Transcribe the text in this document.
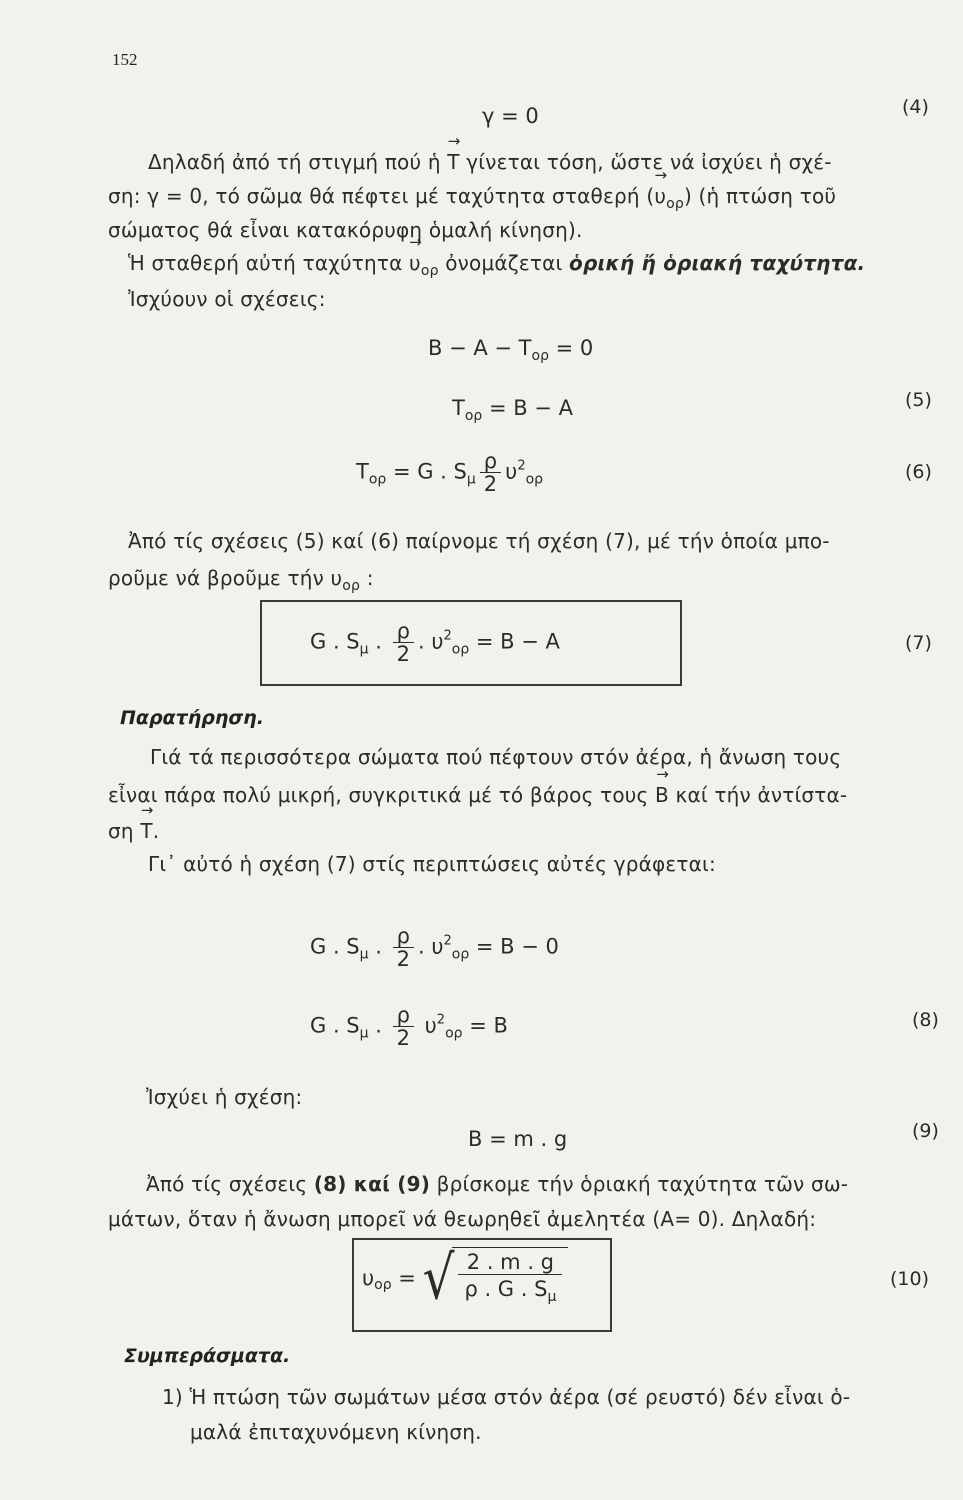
152
γ = 0	(4)
Δηλαδή ἀπό τή στιγμή πού ἡ → T γίνεται τόση, ὥστε νά ἰσχύει ἡ σχέ-
ση: γ = 0, τό σῶμα θά πέφτει μέ ταχύτητα σταθερή (→ $\upsilon_{o\rho}$) (ἡ πτώση τοῦ
σώματος θά εἶναι κατακόρυφη ὁμαλή κίνηση).
Ἡ σταθερή αὐτή $\tau\alpha\chi ύ\tau\eta\tau\alpha \to \upsilon_{o\rho}$ ὀνομάζεται ὁρική ἤ ὁριακή ταχύτητα.
Ἰσχύουν οἱ σχέσεις:
$B - A - T_{o\rho} = 0$
$T_{o\rho} = B - A$	(5)
$T_{o\rho} = G$ . $S_\mu \frac{\rho}{2} \upsilon^2_{o\rho}$	(6)
Ἀπό τίς σχέσεις (5) καί (6) παίρνομε τή σχέση (7), μέ τήν ὁποία μπο-
ροῦμε νά βροῦμε τήν $\upsilon_{o\rho}$ :
G . $S_\mu$ . $\frac{\rho}{2}$ . $\upsilon^2_{o\rho} = B - A$	(7)
Παρατήρηση.
Γιά τά περισσότερα σώματα πού πέφτουν στόν ἀέρα, ἡ ἄνωση τους
εἶναι πάρα πολύ μικρή, συγκριτικά μέ τό βάρος τους → B καί τήν ἀντίστα-
ση → T.
Γι᾽ αὐτό ἡ σχέση (7) στίς περιπτώσεις αὐτές γράφεται:
G . $S_\mu$ . $\frac{\rho}{2}$ . $\upsilon^2_{o\rho} = B - 0$
G . $S_\mu$ . $\frac{\rho}{2} \upsilon^2_{o\rho} = B$	(8)
Ἰσχύει ἡ σχέση:
B = m . g	(9)
Ἀπό τίς σχέσεις (8) καί (9) βρίσκομε τήν ὁριακή ταχύτητα τῶν σω-
μάτων, ὅταν ἡ ἄνωση μπορεῖ νά θεωρηθεῖ ἀμελητέα (A= 0). Δηλαδή:
$\upsilon_{o\rho}$ = √
$\frac{2 . m . g}{\rho . G . S_\mu}$	(10)
Συμπεράσματα.
1) Ἡ πτώση τῶν σωμάτων μέσα στόν ἀέρα (σέ ρευστό) δέν εἶναι ὁ-
μαλά ἐπιταχυνόμενη κίνηση.
